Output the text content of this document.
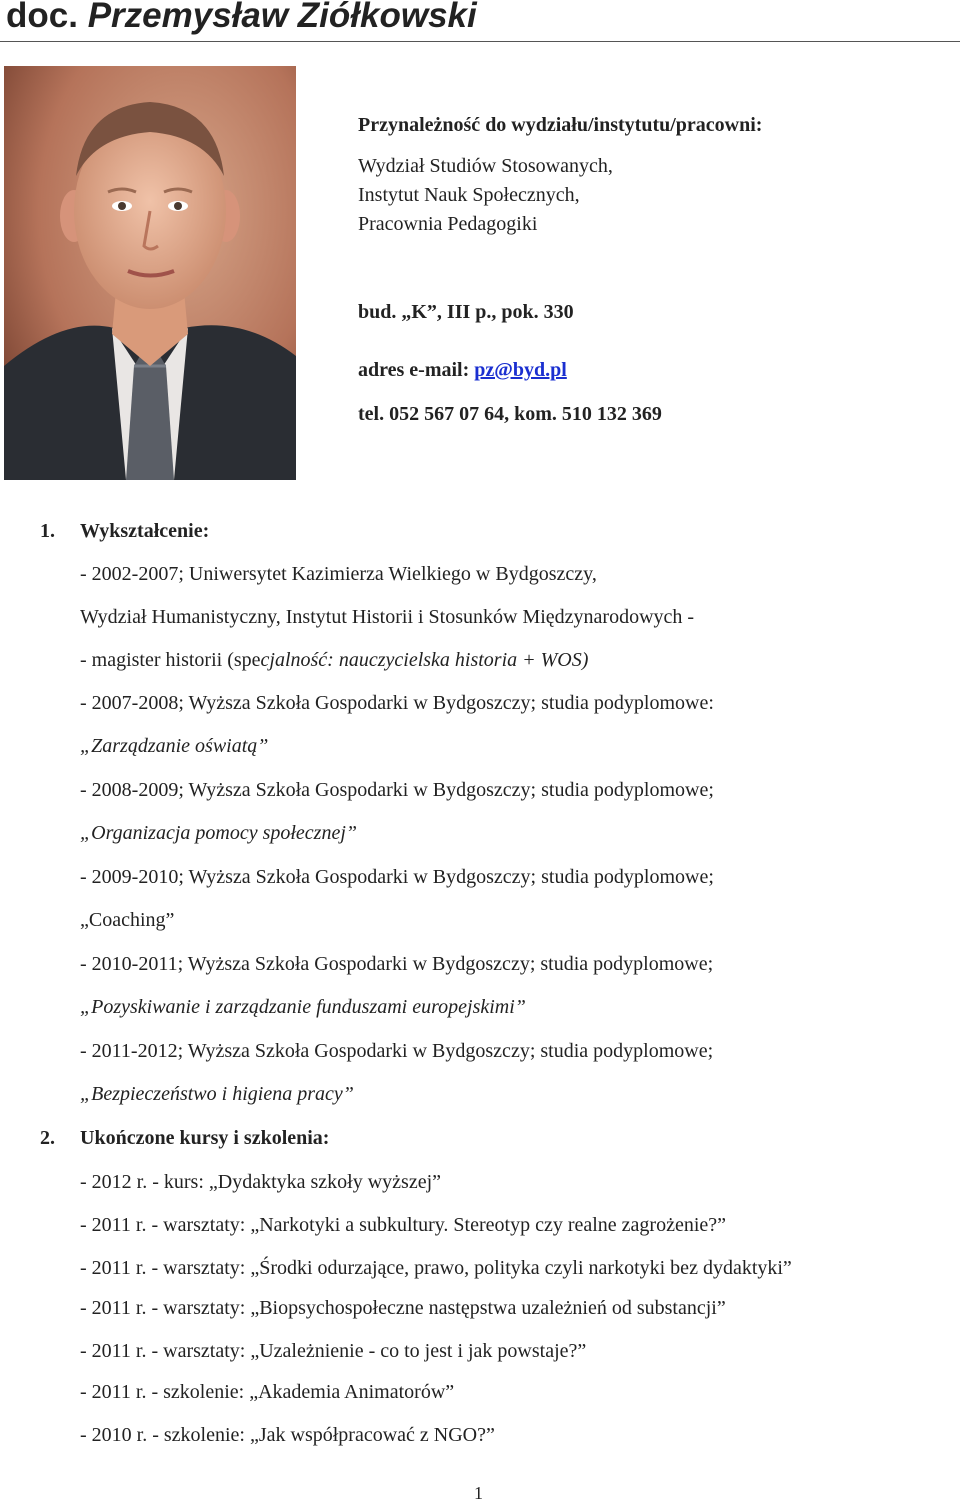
doc. Przemysław Ziółkowski
Przynależność do wydziału/instytutu/pracowni:
Wydział Studiów Stosowanych,
Instytut Nauk Społecznych,
Pracownia Pedagogiki
bud. „K”, III p., pok. 330
adres e-mail: pz@byd.pl
tel. 052 567 07 64, kom. 510 132 369
1. Wykształcenie:
- 2002-2007; Uniwersytet Kazimierza Wielkiego w Bydgoszczy,
Wydział Humanistyczny, Instytut Historii i Stosunków Międzynarodowych -
- magister historii (specjalność: nauczycielska historia + WOS)
- 2007-2008; Wyższa Szkoła Gospodarki w Bydgoszczy; studia podyplomowe:
„Zarządzanie oświatą”
- 2008-2009; Wyższa Szkoła Gospodarki w Bydgoszczy; studia podyplomowe;
„Organizacja pomocy społecznej”
- 2009-2010; Wyższa Szkoła Gospodarki w Bydgoszczy; studia podyplomowe;
„Coaching”
- 2010-2011; Wyższa Szkoła Gospodarki w Bydgoszczy; studia podyplomowe;
„Pozyskiwanie i zarządzanie funduszami europejskimi”
- 2011-2012; Wyższa Szkoła Gospodarki w Bydgoszczy; studia podyplomowe;
„Bezpieczeństwo i higiena pracy”
2. Ukończone kursy i szkolenia:
- 2012 r. - kurs: „Dydaktyka szkoły wyższej”
- 2011 r. - warsztaty: „Narkotyki a subkultury. Stereotyp czy realne zagrożenie?”
- 2011 r. - warsztaty: „Środki odurzające, prawo, polityka czyli narkotyki bez dydaktyki”
- 2011 r. - warsztaty: „Biopsychospołeczne następstwa uzależnień od substancji”
- 2011 r. - warsztaty: „Uzależnienie - co to jest i jak powstaje?”
- 2011 r. - szkolenie: „Akademia Animatorów”
- 2010 r. - szkolenie: „Jak współpracować z NGO?”
1
